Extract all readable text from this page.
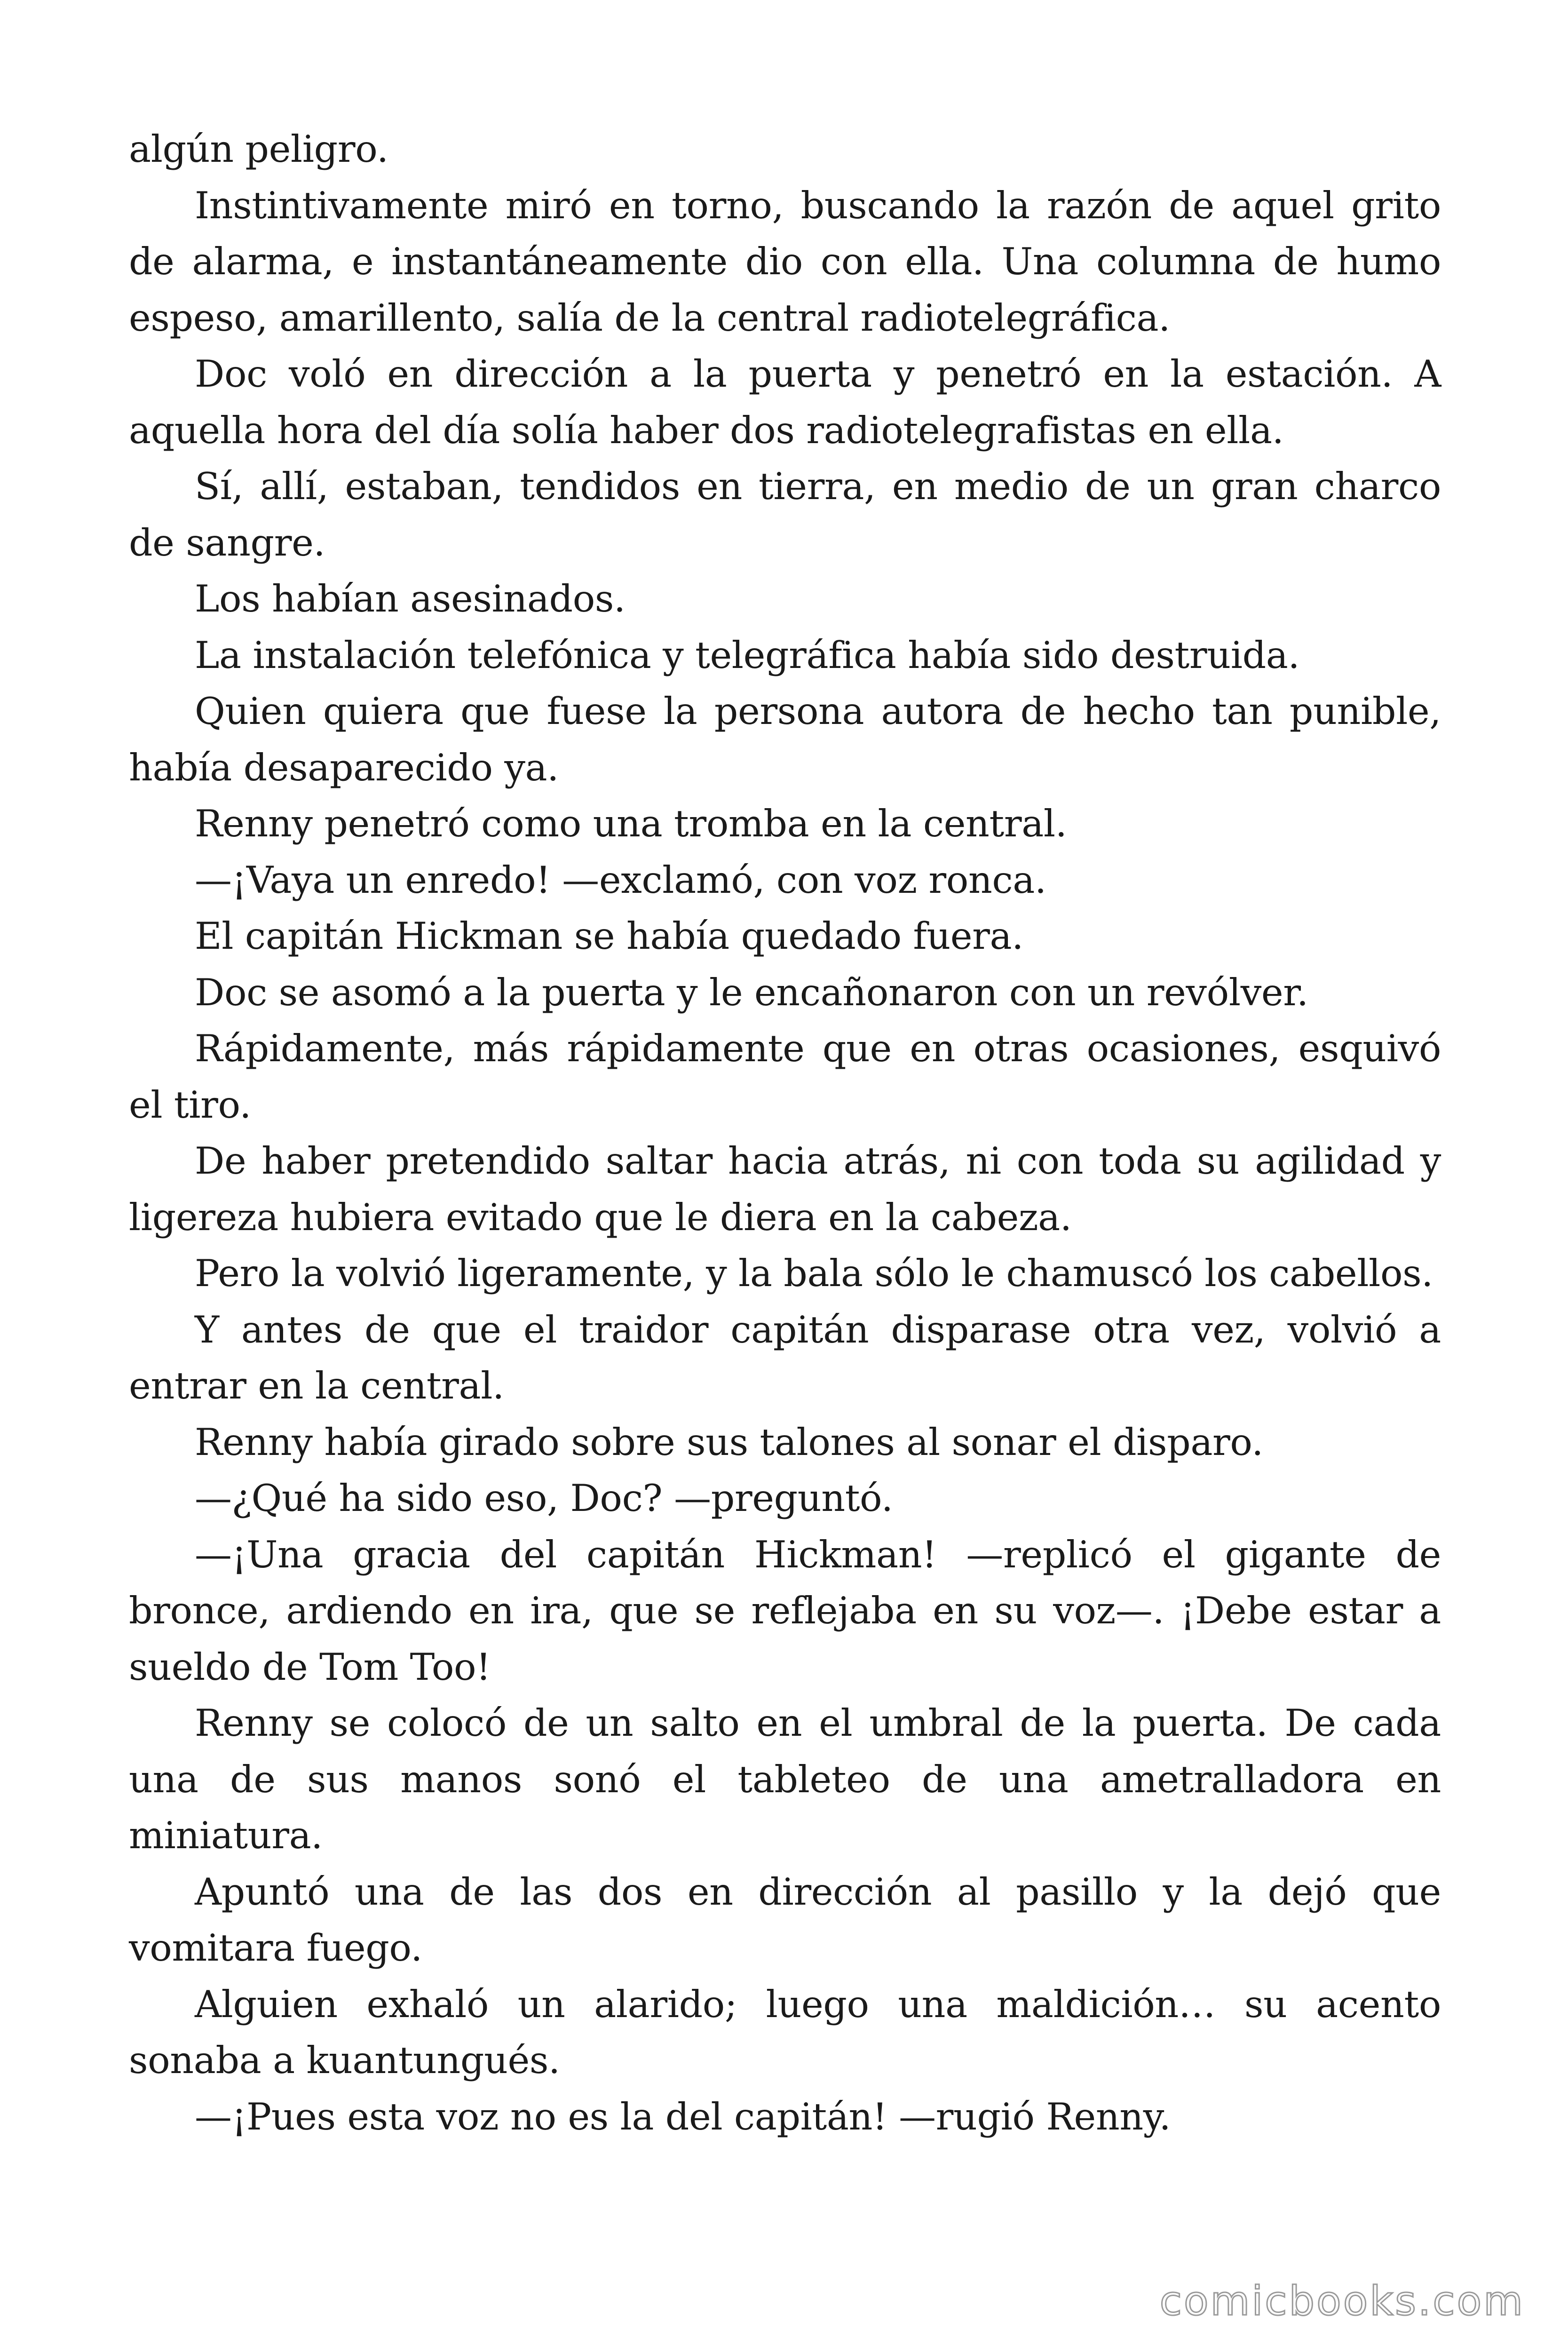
algún peligro.

Instintivamente miró en torno, buscando la razón de aquel grito de alarma, e instantáneamente dio con ella. Una columna de humo espeso, amarillento, salía de la central radiotelegráfica.

Doc voló en dirección a la puerta y penetró en la estación. A aquella hora del día solía haber dos radiotelegrafistas en ella.

Sí, allí, estaban, tendidos en tierra, en medio de un gran charco de sangre.

Los habían asesinados.

La instalación telefónica y telegráfica había sido destruida.

Quien quiera que fuese la persona autora de hecho tan punible, había desaparecido ya.

Renny penetró como una tromba en la central.

—¡Vaya un enredo! —exclamó, con voz ronca.

El capitán Hickman se había quedado fuera.

Doc se asomó a la puerta y le encañonaron con un revólver.

Rápidamente, más rápidamente que en otras ocasiones, esquivó el tiro.

De haber pretendido saltar hacia atrás, ni con toda su agilidad y ligereza hubiera evitado que le diera en la cabeza.

Pero la volvió ligeramente, y la bala sólo le chamuscó los cabellos.

Y antes de que el traidor capitán disparase otra vez, volvió a entrar en la central.

Renny había girado sobre sus talones al sonar el disparo.

—¿Qué ha sido eso, Doc? —preguntó.

—¡Una gracia del capitán Hickman! —replicó el gigante de bronce, ardiendo en ira, que se reflejaba en su voz—. ¡Debe estar a sueldo de Tom Too!

Renny se colocó de un salto en el umbral de la puerta. De cada una de sus manos sonó el tableteo de una ametralladora en miniatura.

Apuntó una de las dos en dirección al pasillo y la dejó que vomitara fuego.

Alguien exhaló un alarido; luego una maldición… su acento sonaba a kuantungués.

—¡Pues esta voz no es la del capitán! —rugió Renny.

comicbooks.com
